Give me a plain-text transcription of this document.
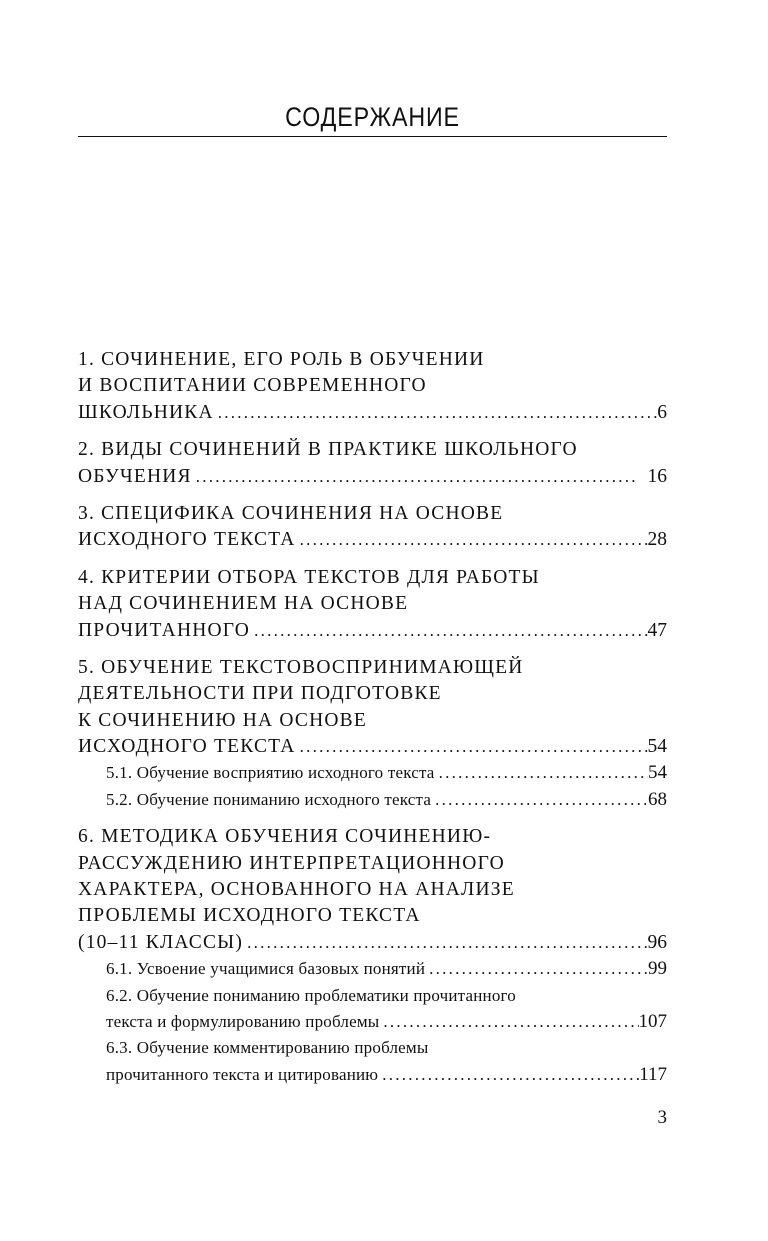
СОДЕРЖАНИЕ
1. СОЧИНЕНИЕ, ЕГО РОЛЬ В ОБУЧЕНИИ
И ВОСПИТАНИИ СОВРЕМЕННОГО
ШКОЛЬНИКА . . .	6
2. ВИДЫ СОЧИНЕНИЙ В ПРАКТИКЕ ШКОЛЬНОГО
ОБУЧЕНИЯ . . .	16
3. СПЕЦИФИКА СОЧИНЕНИЯ НА ОСНОВЕ
ИСХОДНОГО ТЕКСТА . . .	28
4. КРИТЕРИИ ОТБОРА ТЕКСТОВ ДЛЯ РАБОТЫ
НАД СОЧИНЕНИЕМ НА ОСНОВЕ
ПРОЧИТАННОГО . . .	47
5. ОБУЧЕНИЕ ТЕКСТОВОСПРИНИМАЮЩЕЙ
ДЕЯТЕЛЬНОСТИ ПРИ ПОДГОТОВКЕ
К СОЧИНЕНИЮ НА ОСНОВЕ
ИСХОДНОГО ТЕКСТА . . .	54
5.1. Обучение восприятию исходного текста . . .	54
5.2. Обучение пониманию исходного текста . . .	68
6. МЕТОДИКА ОБУЧЕНИЯ СОЧИНЕНИЮ-
РАССУЖДЕНИЮ ИНТЕРПРЕТАЦИОННОГО
ХАРАКТЕРА, ОСНОВАННОГО НА АНАЛИЗЕ
ПРОБЛЕМЫ ИСХОДНОГО ТЕКСТА
(10–11 КЛАССЫ) . . .	96
6.1. Усвоение учащимися базовых понятий . . .	99
6.2. Обучение пониманию проблематики прочитанного
текста и формулированию проблемы . . .	107
6.3. Обучение комментированию проблемы
прочитанного текста и цитированию . . .	117
3
